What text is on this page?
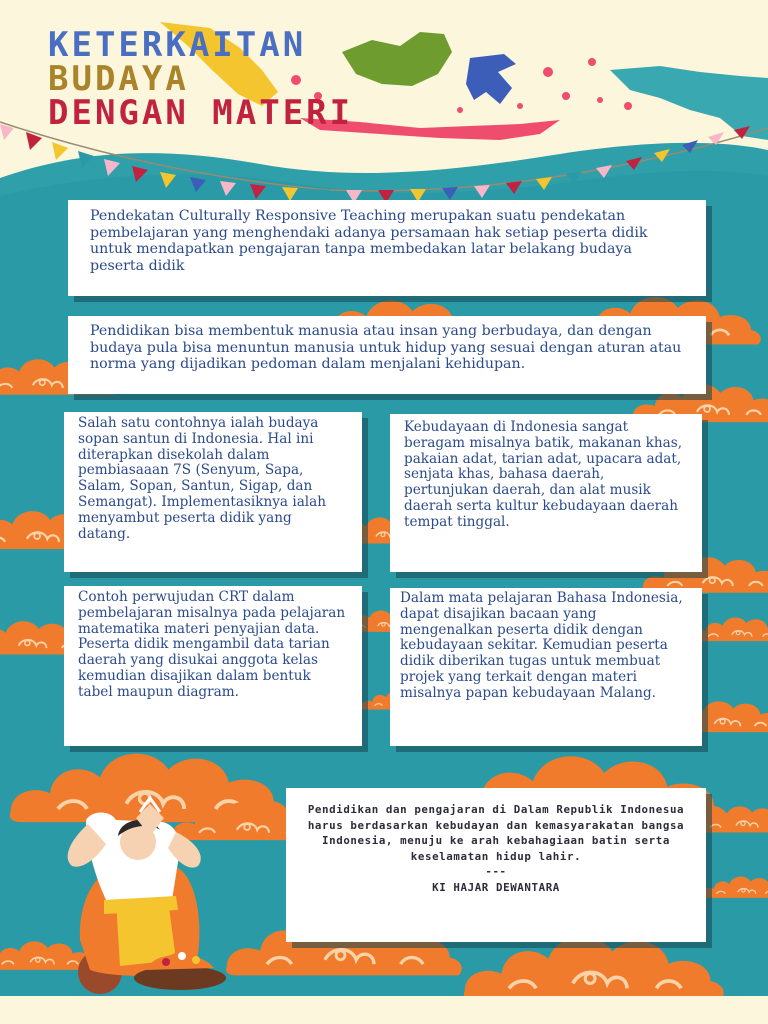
KETERKAITAN
BUDAYA
DENGAN MATERI

Pendekatan Culturally Responsive Teaching merupakan suatu pendekatan pembelajaran yang menghendaki adanya persamaan hak setiap peserta didik untuk mendapatkan pengajaran tanpa membedakan latar belakang budaya peserta didik

Pendidikan bisa membentuk manusia atau insan yang berbudaya, dan dengan budaya pula bisa menuntun manusia untuk hidup yang sesuai dengan aturan atau norma yang dijadikan pedoman dalam menjalani kehidupan.

Salah satu contohnya ialah budaya sopan santun di Indonesia. Hal ini diterapkan disekolah dalam pembiasaaan 7S (Senyum, Sapa, Salam, Sopan, Santun, Sigap, dan Semangat). Implementasiknya ialah menyambut peserta didik yang datang.

Kebudayaan di Indonesia sangat beragam misalnya batik, makanan khas, pakaian adat, tarian adat, upacara adat, senjata khas, bahasa daerah, pertunjukan daerah, dan alat musik daerah serta kultur kebudayaan daerah tempat tinggal.

Contoh perwujudan CRT dalam pembelajaran misalnya pada pelajaran matematika materi penyajian data. Peserta didik mengambil data tarian daerah yang disukai anggota kelas kemudian disajikan dalam bentuk tabel maupun diagram.

Dalam mata pelajaran Bahasa Indonesia, dapat disajikan bacaan yang mengenalkan peserta didik dengan kebudayaan sekitar. Kemudian peserta didik diberikan tugas untuk membuat projek yang terkait dengan materi misalnya papan kebudayaan Malang.

Pendidikan dan pengajaran di Dalam Republik Indonesua harus berdasarkan kebudayan dan kemasyarakatan bangsa Indonesia, menuju ke arah kebahagiaan batin serta keselamatan hidup lahir.

---

KI HAJAR DEWANTARA
